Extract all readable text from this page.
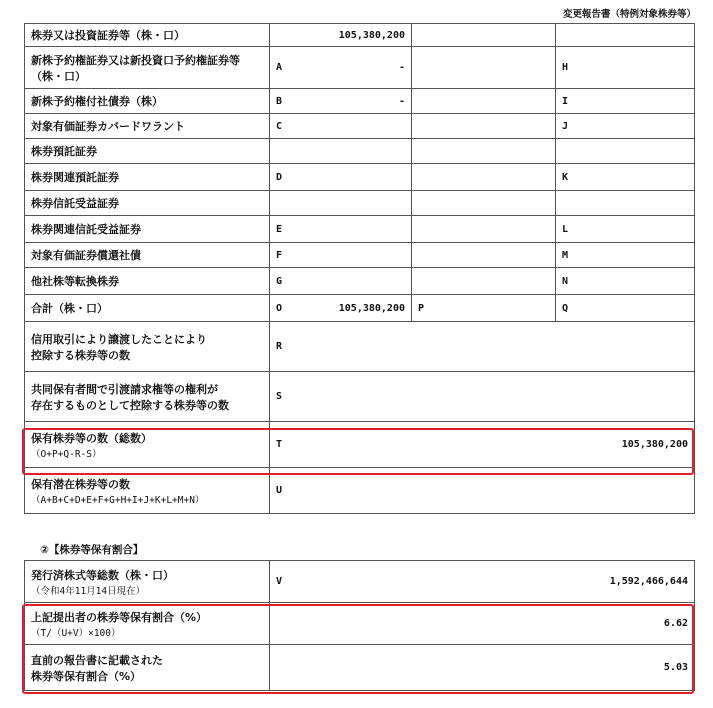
変更報告書（特例対象株券等）
株券又は投資証券等（株・口）	105,380,200		

新株予約権証券又は新投資口予約権証券等
（株・口）	A -		H
新株予約権付社債券（株）	B -		I
対象有価証券カバードワラント	C		J
株券預託証券			
株券関連預託証券	D		K
株券信託受益証券			
株券関連信託受益証券	E		L
対象有価証券償還社債	F		M
他社株等転換株券	G		N
合計（株・口）	O 105,380,200	P	Q
信用取引により譲渡したことにより
控除する株券等の数	R		
共同保有者間で引渡請求権等の権利が
存在するものとして控除する株券等の数	S		
保有株券等の数（総数）
（O+P+Q-R-S）	T 105,380,200		

保有潜在株券等の数
（A+B+C+D+E+F+G+H+I+J+K+L+M+N）	U		
②【株券等保有割合】
発行済株式等総数（株・口）
（令和4年11月14日現在）	V 1,592,466,644

上記提出者の株券等保有割合（%）
（T/（U+V）×100）	6.62

直前の報告書に記載された
株券等保有割合（%）	5.03
